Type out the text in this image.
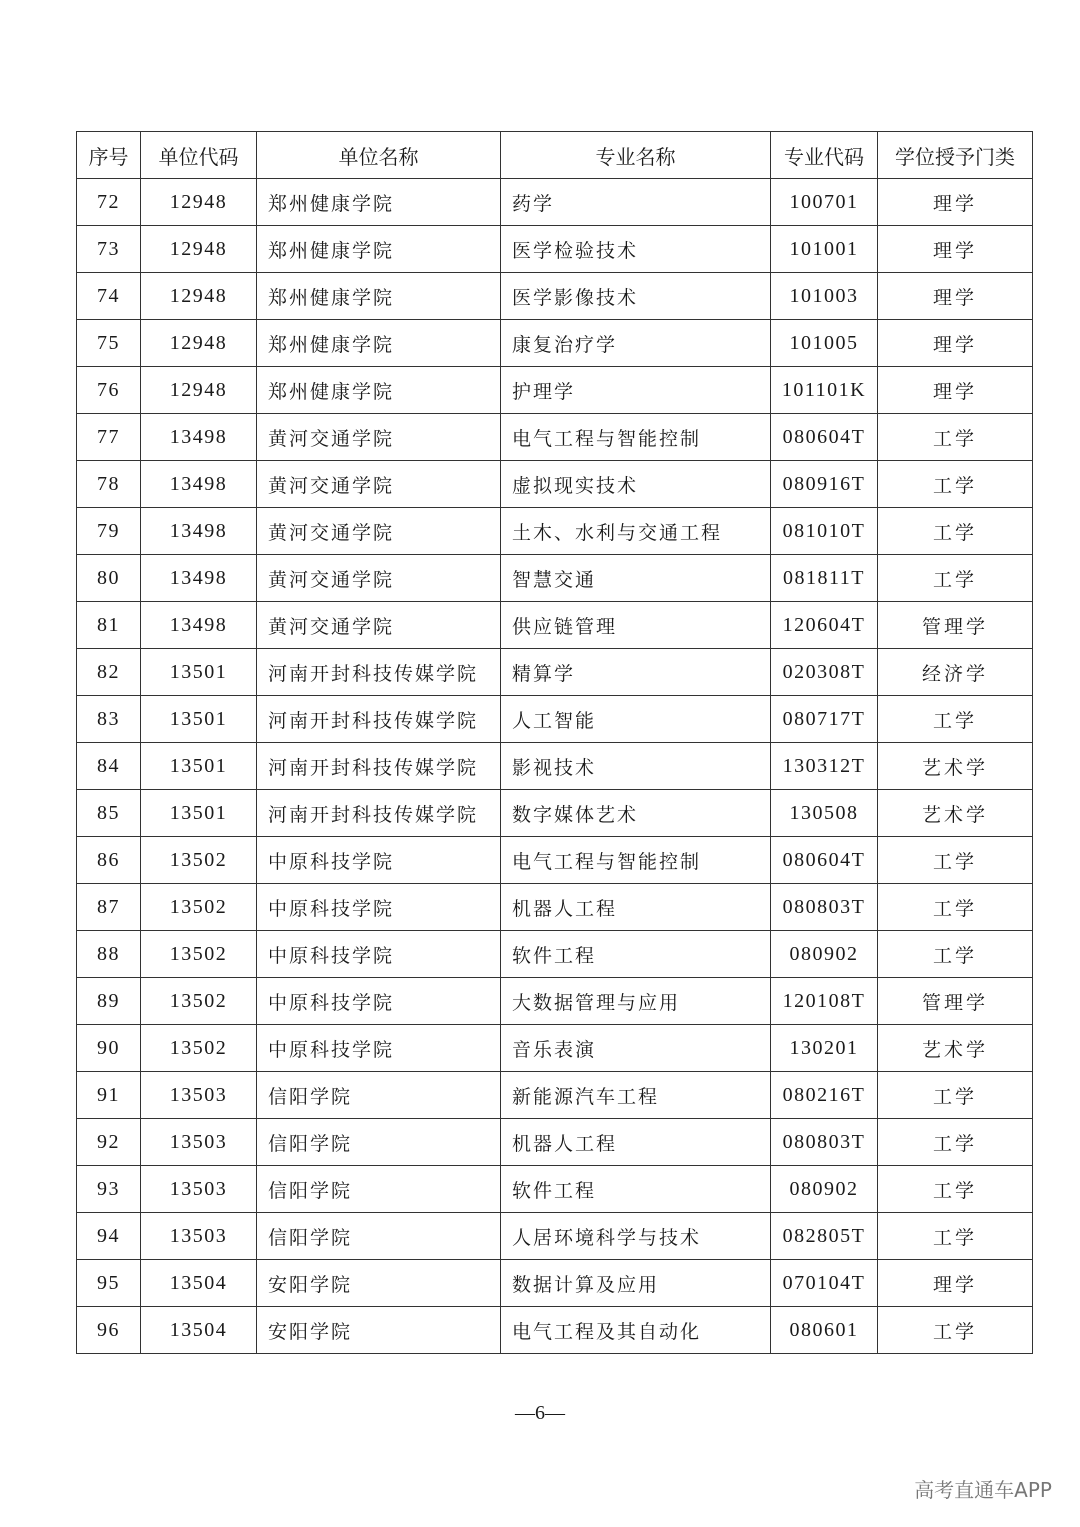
序号	单位代码	单位名称	专业名称	专业代码	学位授予门类
72	12948	郑州健康学院	药学	100701	理学
73	12948	郑州健康学院	医学检验技术	101001	理学
74	12948	郑州健康学院	医学影像技术	101003	理学
75	12948	郑州健康学院	康复治疗学	101005	理学
76	12948	郑州健康学院	护理学	101101K	理学
77	13498	黄河交通学院	电气工程与智能控制	080604T	工学
78	13498	黄河交通学院	虚拟现实技术	080916T	工学
79	13498	黄河交通学院	土木、水利与交通工程	081010T	工学
80	13498	黄河交通学院	智慧交通	081811T	工学
81	13498	黄河交通学院	供应链管理	120604T	管理学
82	13501	河南开封科技传媒学院	精算学	020308T	经济学
83	13501	河南开封科技传媒学院	人工智能	080717T	工学
84	13501	河南开封科技传媒学院	影视技术	130312T	艺术学
85	13501	河南开封科技传媒学院	数字媒体艺术	130508	艺术学
86	13502	中原科技学院	电气工程与智能控制	080604T	工学
87	13502	中原科技学院	机器人工程	080803T	工学
88	13502	中原科技学院	软件工程	080902	工学
89	13502	中原科技学院	大数据管理与应用	120108T	管理学
90	13502	中原科技学院	音乐表演	130201	艺术学
91	13503	信阳学院	新能源汽车工程	080216T	工学
92	13503	信阳学院	机器人工程	080803T	工学
93	13503	信阳学院	软件工程	080902	工学
94	13503	信阳学院	人居环境科学与技术	082805T	工学
95	13504	安阳学院	数据计算及应用	070104T	理学
96	13504	安阳学院	电气工程及其自动化	080601	工学
—6—
高考直通车APP
